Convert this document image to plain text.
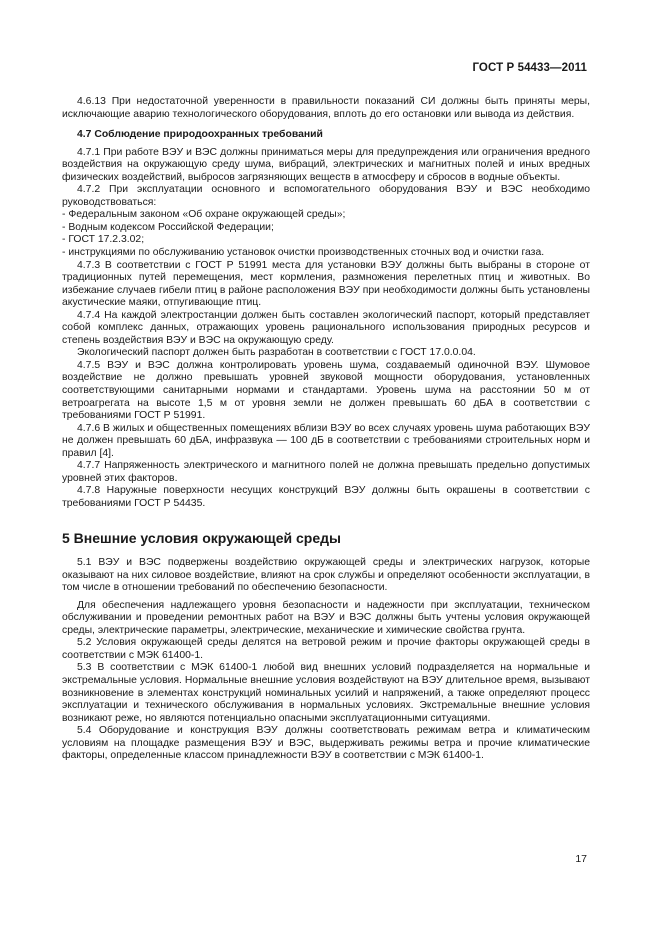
ГОСТ Р 54433—2011

4.6.13 При недостаточной уверенности в правильности показаний СИ должны быть приняты меры, исключающие аварию технологического оборудования, вплоть до его остановки или вывода из действия.

4.7 Соблюдение природоохранных требований

4.7.1 При работе ВЭУ и ВЭС должны приниматься меры для предупреждения или ограничения вредного воздействия на окружающую среду шума, вибраций, электрических и магнитных полей и иных вредных физических воздействий, выбросов загрязняющих веществ в атмосферу и сбросов в водные объекты.

4.7.2 При эксплуатации основного и вспомогательного оборудования ВЭУ и ВЭС необходимо руководствоваться:

- Федеральным законом «Об охране окружающей среды»;

- Водным кодексом Российской Федерации;

- ГОСТ 17.2.3.02;

- инструкциями по обслуживанию установок очистки производственных сточных вод и очистки газа.

4.7.3 В соответствии с ГОСТ Р 51991 места для установки ВЭУ должны быть выбраны в стороне от традиционных путей перемещения, мест кормления, размножения перелетных птиц и животных. Во избежание случаев гибели птиц в районе расположения ВЭУ при необходимости должны быть установлены акустические маяки, отпугивающие птиц.

4.7.4 На каждой электростанции должен быть составлен экологический паспорт, который представляет собой комплекс данных, отражающих уровень рационального использования природных ресурсов и степень воздействия ВЭУ и ВЭС на окружающую среду.

Экологический паспорт должен быть разработан в соответствии с ГОСТ 17.0.0.04.

4.7.5 ВЭУ и ВЭС должна контролировать уровень шума, создаваемый одиночной ВЭУ. Шумовое воздействие не должно превышать уровней звуковой мощности оборудования, установленных соответствующими санитарными нормами и стандартами. Уровень шума на расстоянии 50 м от ветроагрегата на высоте 1,5 м от уровня земли не должен превышать 60 дБА в соответствии с требованиями ГОСТ Р 51991.

4.7.6 В жилых и общественных помещениях вблизи ВЭУ во всех случаях уровень шума работающих ВЭУ не должен превышать 60 дБА, инфразвука — 100 дБ в соответствии с требованиями строительных норм и правил [4].

4.7.7 Напряженность электрического и магнитного полей не должна превышать предельно допустимых уровней этих факторов.

4.7.8 Наружные поверхности несущих конструкций ВЭУ должны быть окрашены в соответствии с требованиями ГОСТ Р 54435.

5 Внешние условия окружающей среды

5.1 ВЭУ и ВЭС подвержены воздействию окружающей среды и электрических нагрузок, которые оказывают на них силовое воздействие, влияют на срок службы и определяют особенности эксплуатации, в том числе в отношении требований по обеспечению безопасности.

Для обеспечения надлежащего уровня безопасности и надежности при эксплуатации, техническом обслуживании и проведении ремонтных работ на ВЭУ и ВЭС должны быть учтены условия окружающей среды, электрические параметры, электрические, механические и химические свойства грунта.

5.2 Условия окружающей среды делятся на ветровой режим и прочие факторы окружающей среды в соответствии с МЭК 61400-1.

5.3 В соответствии с МЭК 61400-1 любой вид внешних условий подразделяется на нормальные и экстремальные условия. Нормальные внешние условия воздействуют на ВЭУ длительное время, вызывают возникновение в элементах конструкций номинальных усилий и напряжений, а также определяют процесс эксплуатации и технического обслуживания в нормальных условиях. Экстремальные внешние условия возникают реже, но являются потенциально опасными эксплуатационными ситуациями.

5.4 Оборудование и конструкция ВЭУ должны соответствовать режимам ветра и климатическим условиям на площадке размещения ВЭУ и ВЭС, выдерживать режимы ветра и прочие климатические факторы, определенные классом принадлежности ВЭУ в соответствии с МЭК 61400-1.

17
